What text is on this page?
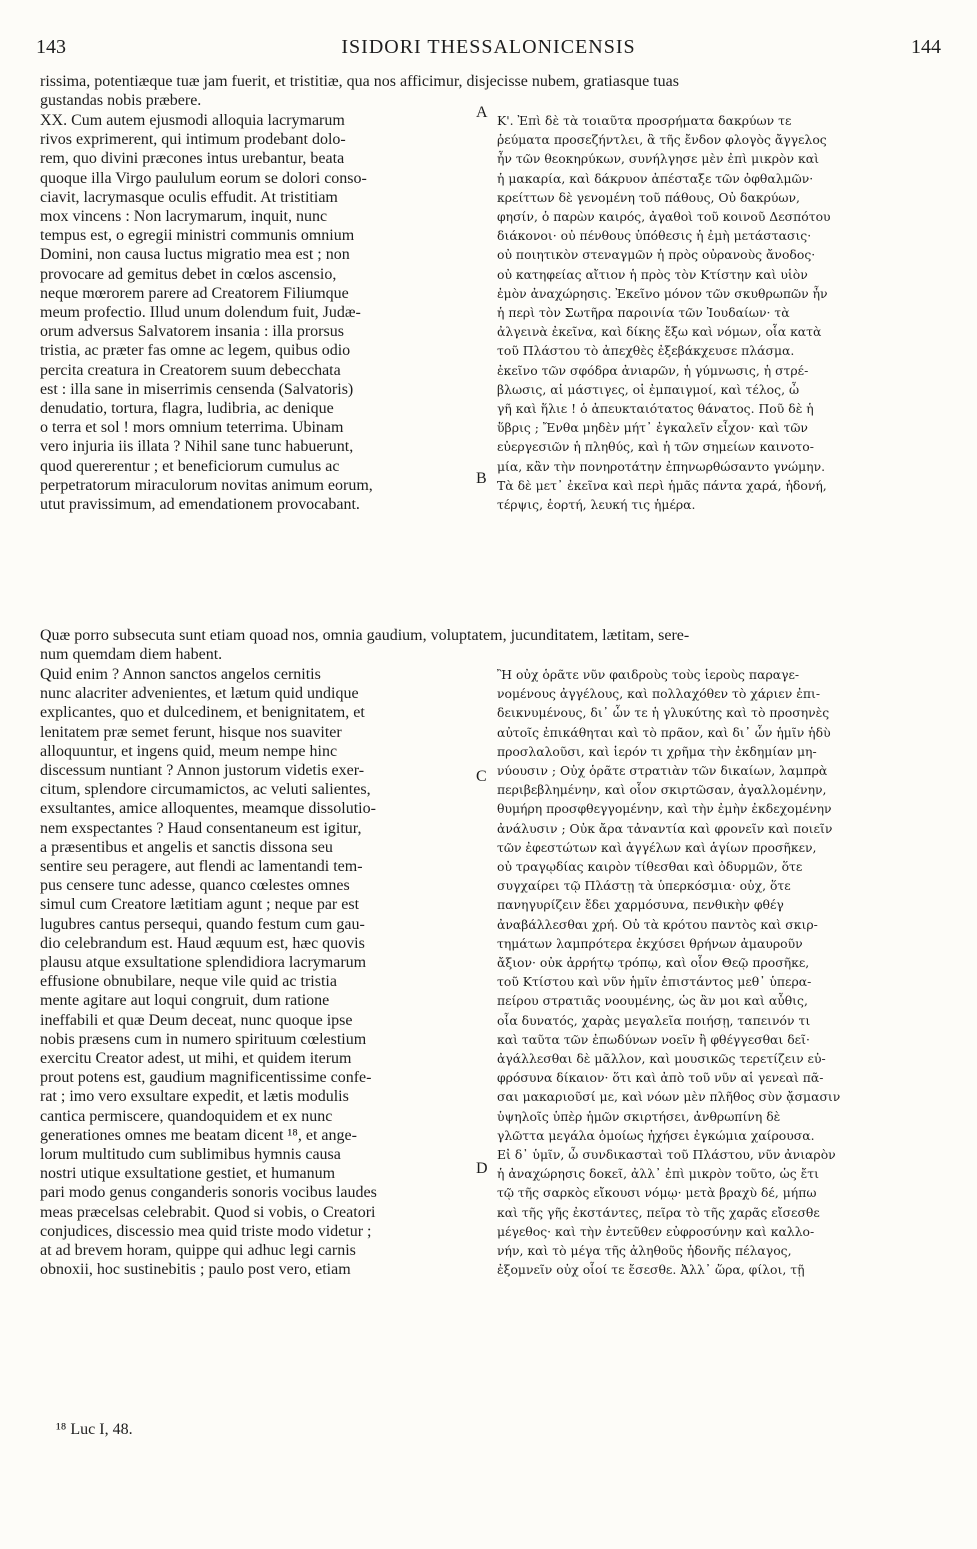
143	ISIDORI THESSALONICENSIS	144
rissima, potentiæque tuæ jam fuerit, et tristitiæ, qua nos afficimur, disjecisse nubem, gratiasque tuas
gustandas nobis præbere.
XX. Cum autem ejusmodi alloquia lacrymarum
rivos exprimerent, qui intimum prodebant dolo-
rem, quo divini præcones intus urebantur, beata
quoque illa Virgo paululum eorum se dolori conso-
ciavit, lacrymasque oculis effudit. At tristitiam
mox vincens : Non lacrymarum, inquit, nunc
tempus est, o egregii ministri communis omnium
Domini, non causa luctus migratio mea est ; non
provocare ad gemitus debet in cœlos ascensio,
neque mœrorem parere ad Creatorem Filiumque
meum profectio. Illud unum dolendum fuit, Judæ-
orum adversus Salvatorem insania : illa prorsus
tristia, ac præter fas omne ac legem, quibus odio
percita creatura in Creatorem suum debecchata
est : illa sane in miserrimis censenda (Salvatoris)
denudatio, tortura, flagra, ludibria, ac denique
o terra et sol ! mors omnium teterrima. Ubinam
vero injuria iis illata ? Nihil sane tunc habuerunt,
quod quererentur ; et beneficiorum cumulus ac
perpetratorum miraculorum novitas animum eorum,
utut pravissimum, ad emendationem provocabant.
Κ'. Ἐπὶ δὲ τὰ τοιαῦτα προσρήματα δακρύων τε
ῥεύματα προσεζήντλει, ἃ τῆς ἔνδον φλογὸς ἄγγελος
ἦν τῶν θεοκηρύκων, συνήλγησε μὲν ἐπὶ μικρὸν καὶ
ἡ μακαρία, καὶ δάκρυον ἀπέσταξε τῶν ὀφθαλμῶν·
κρείττων δὲ γενομένη τοῦ πάθους, Οὐ δακρύων,
φησίν, ὁ παρὼν καιρός, ἀγαθοὶ τοῦ κοινοῦ Δεσπότου
διάκονοι· οὐ πένθους ὑπόθεσις ἡ ἐμὴ μετάστασις·
οὐ ποιητικὸν στεναγμῶν ἡ πρὸς οὐρανοὺς ἄνοδος·
οὐ κατηφείας αἴτιον ἡ πρὸς τὸν Κτίστην καὶ υἱὸν
ἐμὸν ἀναχώρησις. Ἐκεῖνο μόνον τῶν σκυθρωπῶν ἦν
ἡ περὶ τὸν Σωτῆρα παροινία τῶν Ἰουδαίων· τὰ
ἀλγεινὰ ἐκεῖνα, καὶ δίκης ἔξω καὶ νόμων, οἷα κατὰ
τοῦ Πλάστου τὸ ἀπεχθὲς ἐξεβάκχευσε πλάσμα.
ἐκεῖνο τῶν σφόδρα ἀνιαρῶν, ἡ γύμνωσις, ἡ στρέ-
βλωσις, αἱ μάστιγες, οἱ ἐμπαιγμοί, καὶ τέλος, ὦ
γῆ καὶ ἥλιε ! ὁ ἀπευκταιότατος θάνατος. Ποῦ δὲ ἡ
ὕβρις ; Ἔνθα μηδὲν μήτ᾽ ἐγκαλεῖν εἶχον· καὶ τῶν
εὐεργεσιῶν ἡ πληθύς, καὶ ἡ τῶν σημείων καινοτο-
μία, κἂν τὴν πονηροτάτην ἐπηνωρθώσαντο γνώμην.
Τὰ δὲ μετ᾽ ἐκεῖνα καὶ περὶ ἡμᾶς πάντα χαρά, ἡδονή,
τέρψις, ἑορτή, λευκή τις ἡμέρα.
Quæ porro subsecuta sunt etiam quoad nos, omnia gaudium, voluptatem, jucunditatem, lætitam, sere-
num quemdam diem habent.
Quid enim ? Annon sanctos angelos cernitis
nunc alacriter advenientes, et lætum quid undique
explicantes, quo et dulcedinem, et benignitatem, et
lenitatem præ semet ferunt, hisque nos suaviter
alloquuntur, et ingens quid, meum nempe hinc
discessum nuntiant ? Annon justorum videtis exer-
citum, splendore circumamictos, ac veluti salientes,
exsultantes, amice alloquentes, meamque dissolutio-
nem exspectantes ? Haud consentaneum est igitur,
a præsentibus et angelis et sanctis dissona seu
sentire seu peragere, aut flendi ac lamentandi tem-
pus censere tunc adesse, quanco cœlestes omnes
simul cum Creatore lætitiam agunt ; neque par est
lugubres cantus persequi, quando festum cum gau-
dio celebrandum est. Haud æquum est, hæc quovis
plausu atque exsultatione splendidiora lacrymarum
effusione obnubilare, neque vile quid ac tristia
mente agitare aut loqui congruit, dum ratione
ineffabili et quæ Deum deceat, nunc quoque ipse
nobis præsens cum in numero spirituum cœlestium
exercitu Creator adest, ut mihi, et quidem iterum
prout potens est, gaudium magnificentissime confe-
rat ; imo vero exsultare expedit, et lætis modulis
cantica permiscere, quandoquidem et ex nunc
generationes omnes me beatam dicent ¹⁸, et ange-
lorum multitudo cum sublimibus hymnis causa
nostri utique exsultatione gestiet, et humanum
pari modo genus conganderis sonoris vocibus laudes
meas præcelsas celebrabit. Quod si vobis, o Creatori
conjudices, discessio mea quid triste modo videtur ;
at ad brevem horam, quippe qui adhuc legi carnis
obnoxii, hoc sustinebitis ; paulo post vero, etiam
Ἢ οὐχ ὁρᾶτε νῦν φαιδροὺς τοὺς ἱεροὺς παραγε-
νομένους ἀγγέλους, καὶ πολλαχόθεν τὸ χάριεν ἐπι-
δεικνυμένους, δι᾽ ὧν τε ἡ γλυκύτης καὶ τὸ προσηνὲς
αὐτοῖς ἐπικάθηται καὶ τὸ πρᾶον, καὶ δι᾽ ὧν ἡμῖν ἡδὺ
προσλαλοῦσι, καὶ ἱερόν τι χρῆμα τὴν ἐκδημίαν μη-
νύουσιν ; Οὐχ ὁρᾶτε στρατιὰν τῶν δικαίων, λαμπρὰ
περιβεβλημένην, καὶ οἷον σκιρτῶσαν, ἀγαλλομένην,
θυμήρη προσφθεγγομένην, καὶ τὴν ἐμὴν ἐκδεχομένην
ἀνάλυσιν ; Οὐκ ἄρα τἀναντία καὶ φρονεῖν καὶ ποιεῖν
τῶν ἐφεστώτων καὶ ἀγγέλων καὶ ἁγίων προσῆκεν,
οὐ τραγῳδίας καιρὸν τίθεσθαι καὶ ὀδυρμῶν, ὅτε
συγχαίρει τῷ Πλάστῃ τὰ ὑπερκόσμια· οὐχ, ὅτε
πανηγυρίζειν ἔδει χαρμόσυνα, πενθικὴν φθέγ
ἀναβάλλεσθαι χρή. Οὐ τὰ κρότου παντὸς καὶ σκιρ-
τημάτων λαμπρότερα ἐκχύσει θρήνων ἀμαυροῦν
ἄξιον· οὐκ ἀρρήτῳ τρόπῳ, καὶ οἷον Θεῷ προσῆκε,
τοῦ Κτίστου καὶ νῦν ἡμῖν ἐπιστάντος μεθ᾽ ὑπερα-
πείρου στρατιᾶς νοουμένης, ὡς ἂν μοι καὶ αὖθις,
οἷα δυνατός, χαρὰς μεγαλεῖα ποιήσῃ, ταπεινόν τι
καὶ ταῦτα τῶν ἐπωδύνων νοεῖν ἢ φθέγγεσθαι δεῖ·
ἀγάλλεσθαι δὲ μᾶλλον, καὶ μουσικῶς τερετίζειν εὐ-
φρόσυνα δίκαιον· ὅτι καὶ ἀπὸ τοῦ νῦν αἱ γενεαὶ πᾶ-
σαι μακαριοῦσί με, καὶ νόων μὲν πλῆθος σὺν ᾄσμασιν
ὑψηλοῖς ὑπὲρ ἡμῶν σκιρτήσει, ἀνθρωπίνη δὲ
γλῶττα μεγάλα ὁμοίως ἠχήσει ἐγκώμια χαίρουσα.
Εἰ δ᾽ ὑμῖν, ὦ συνδικασταὶ τοῦ Πλάστου, νῦν ἀνιαρὸν
ἡ ἀναχώρησις δοκεῖ, ἀλλ᾽ ἐπὶ μικρὸν τοῦτο, ὡς ἔτι
τῷ τῆς σαρκὸς εἴκουσι νόμῳ· μετὰ βραχὺ δέ, μήπω
καὶ τῆς γῆς ἐκστάντες, πεῖρα τὸ τῆς χαρᾶς εἴσεσθε
μέγεθος· καὶ τὴν ἐντεῦθεν εὐφροσύνην καὶ καλλο-
νήν, καὶ τὸ μέγα τῆς ἀληθοῦς ἡδονῆς πέλαγος,
ἐξομνεῖν οὐχ οἷοί τε ἔσεσθε. Ἀλλ᾽ ὥρα, φίλοι, τῇ
A
B
C
D
¹⁸ Luc I, 48.
